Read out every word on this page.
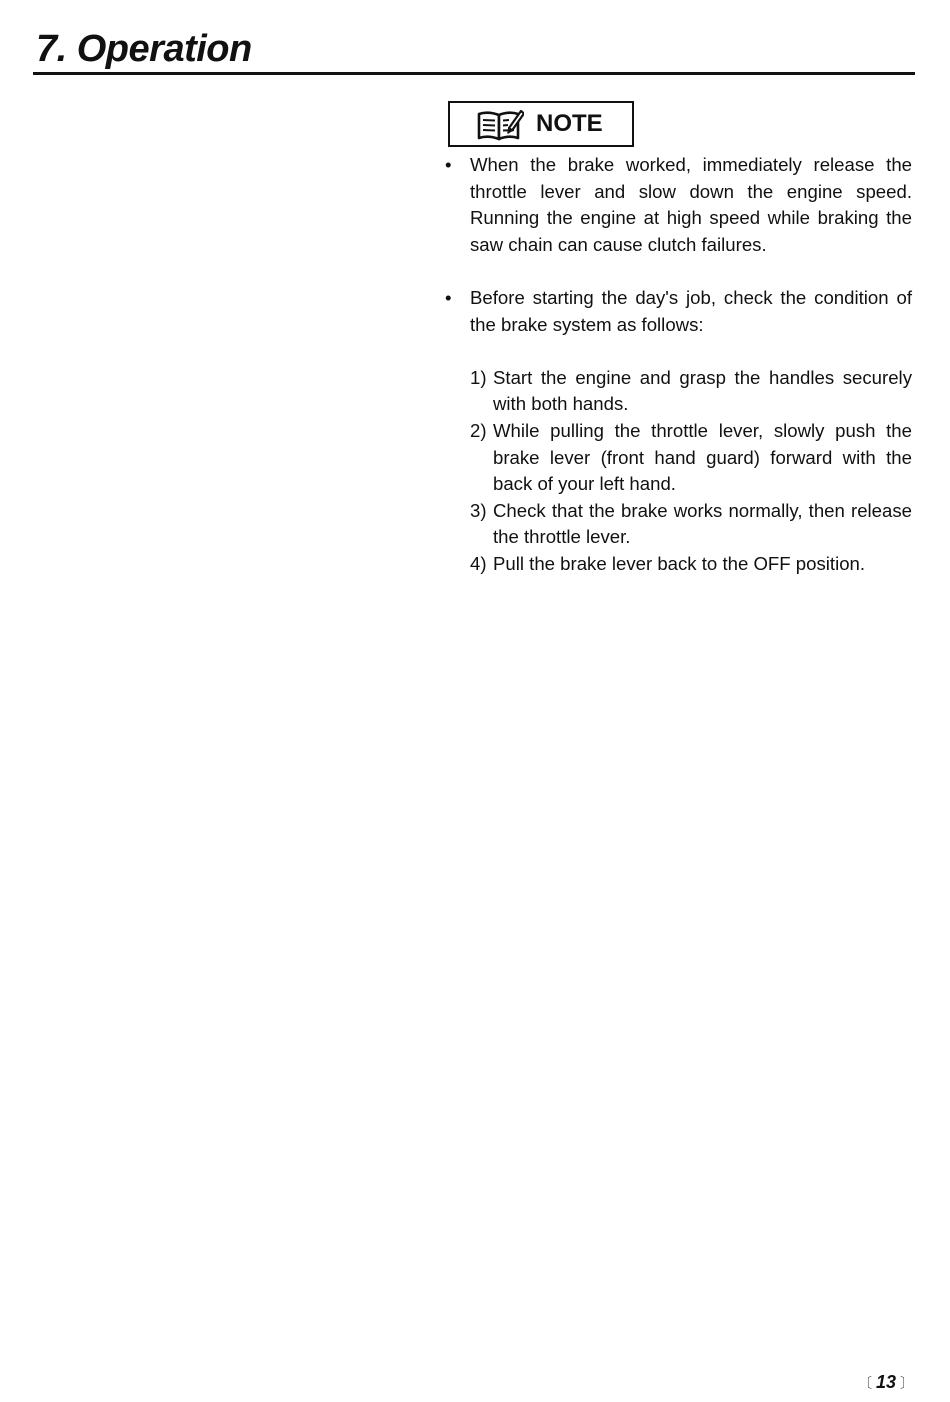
7. Operation
NOTE
• When the brake worked, immediately release the throttle lever and slow down the engine speed. Running the engine at high speed while braking the saw chain can cause clutch failures.
• Before starting the day's job, check the condition of the brake system as follows:
1) Start the engine and grasp the handles securely with both hands.
2) While pulling the throttle lever, slowly push the brake lever (front hand guard) forward with the back of your left hand.
3) Check that the brake works normally, then release the throttle lever.
4) Pull the brake lever back to the OFF position.
〔 13 〕
